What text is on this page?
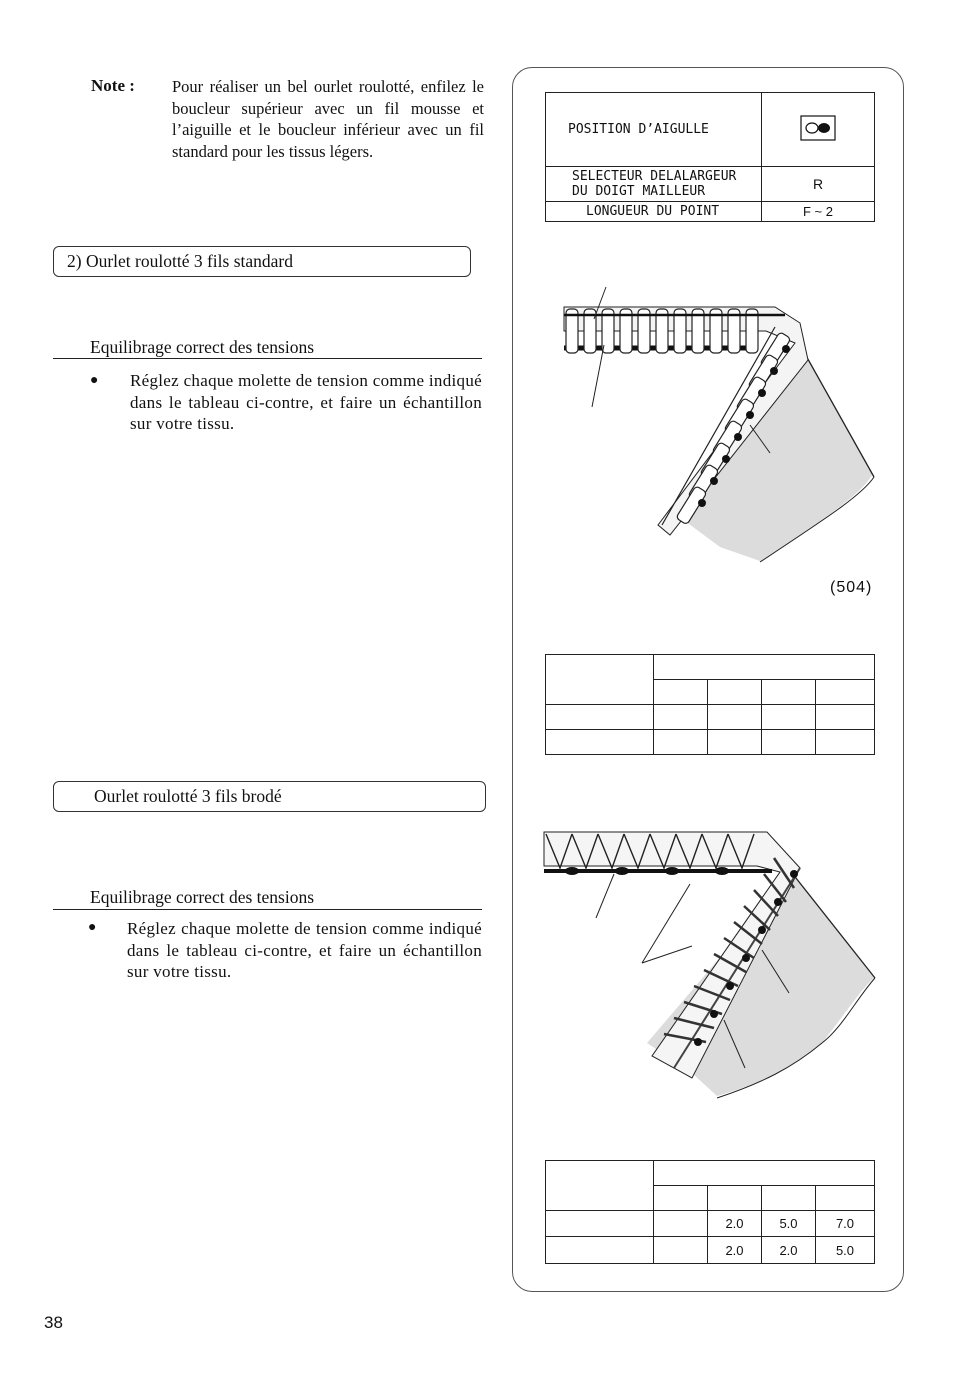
Note : Pour réaliser un bel ourlet roulotté, enfilez le boucleur supérieur avec un fil mousse et l’aiguille et le boucleur inférieur avec un fil standard pour les tissus légers.
2) Ourlet roulotté 3 fils standard
Equilibrage correct des tensions
● Réglez chaque molette de tension comme indiqué dans le tableau ci-contre, et faire un échantillon sur votre tissu.
Ourlet roulotté 3 fils brodé
Equilibrage correct des tensions
● Réglez chaque molette de tension comme indiqué dans le tableau ci-contre, et faire un échantillon sur votre tissu.
38
POSITION D’AIGULLE	

SELECTEUR DELALARGEUR
DU DOIGT MAILLEUR	R
LONGUEUR DU POINT	F ~ 2
(504)

		2.0	5.0	7.0
		2.0	2.0	5.0
